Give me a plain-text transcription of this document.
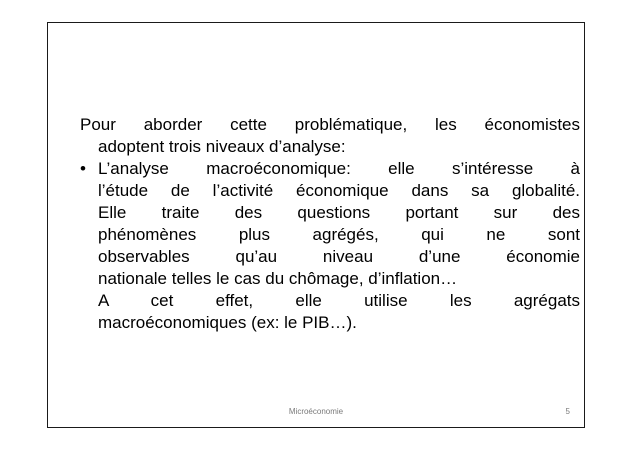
Pour aborder cette problématique, les économistes
adoptent trois niveaux d’analyse:
• L’analyse macroéconomique: elle s’intéresse à
l’étude de l’activité économique dans sa globalité.
Elle traite des questions portant sur des
phénomènes plus agrégés, qui ne sont
observables qu’au niveau d’une économie
nationale telles le cas du chômage, d’inflation…
A cet effet, elle utilise les agrégats
macroéconomiques (ex: le PIB…).
Microéconomie	5
